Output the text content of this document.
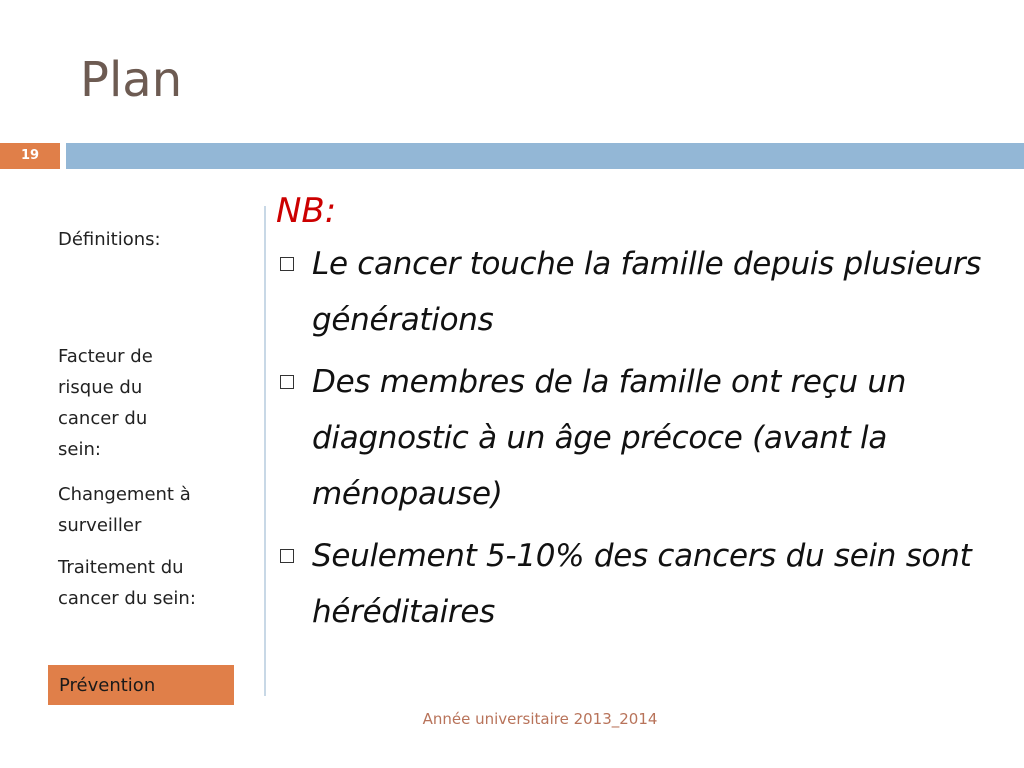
Plan
19
Définitions:
Facteur de risque du cancer du sein:
Changement à surveiller
Traitement du cancer du sein:
Prévention
NB:
Le cancer touche la famille depuis plusieurs générations
Des membres de la famille ont reçu un diagnostic à un âge précoce (avant la ménopause)
Seulement 5-10% des cancers du sein sont héréditaires
Année universitaire 2013_2014
